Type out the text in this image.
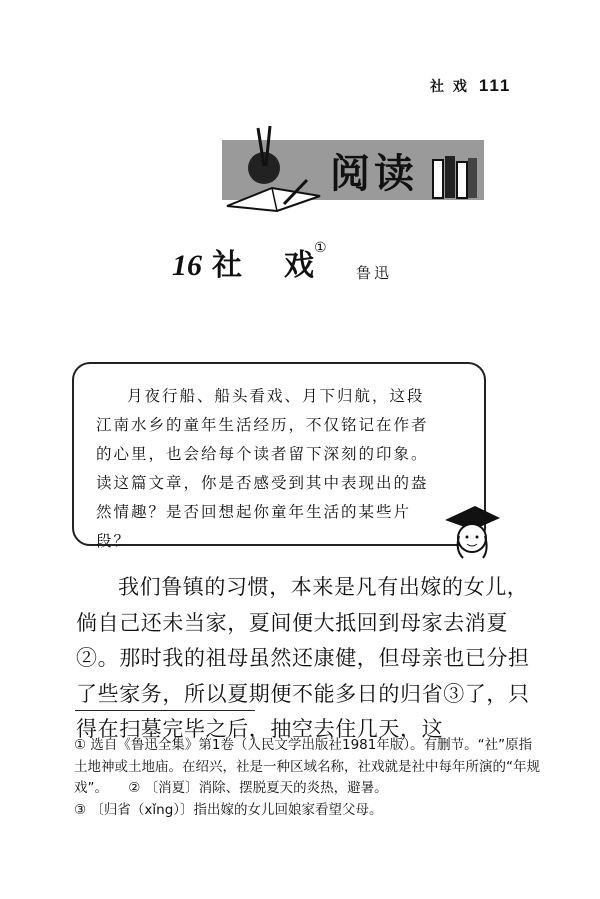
社 戏 111
阅读
16 社 戏①
鲁迅
月夜行船、船头看戏、月下归航，这段江南水乡的童年生活经历，不仅铭记在作者的心里，也会给每个读者留下深刻的印象。读这篇文章，你是否感受到其中表现出的盎然情趣？是否回想起你童年生活的某些片段？
我们鲁镇的习惯，本来是凡有出嫁的女儿，倘自己还未当家，夏间便大抵回到母家去消夏②。那时我的祖母虽然还康健，但母亲也已分担了些家务，所以夏期便不能多日的归省③了，只得在扫墓完毕之后，抽空去住几天，这

① 选自《鲁迅全集》第1卷（人民文学出版社1981年版）。有删节。“社”原指土地神或土地庙。在绍兴，社是一种区域名称，社戏就是社中每年所演的“年规戏”。　　② 〔消夏〕消除、摆脱夏天的炎热，避暑。

③ 〔归省（xǐng）〕指出嫁的女儿回娘家看望父母。
